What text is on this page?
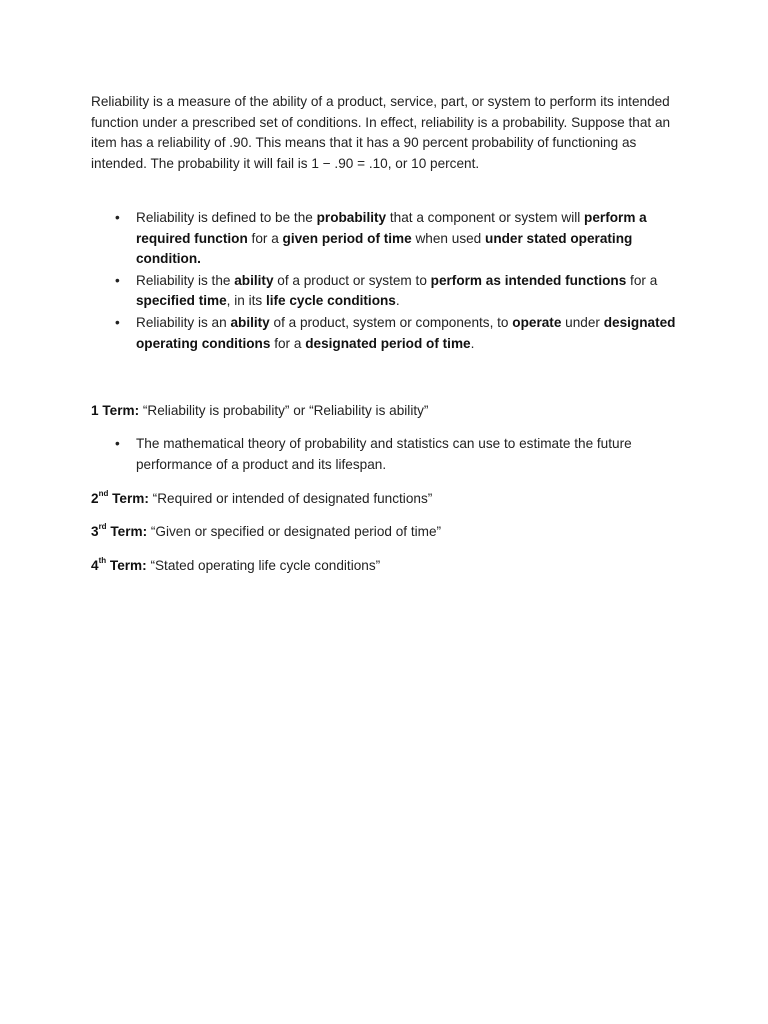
Reliability is a measure of the ability of a product, service, part, or system to perform its intended function under a prescribed set of conditions. In effect, reliability is a probability. Suppose that an item has a reliability of .90. This means that it has a 90 percent probability of functioning as intended. The probability it will fail is 1 − .90 = .10, or 10 percent.

• Reliability is defined to be the probability that a component or system will perform a required function for a given period of time when used under stated operating condition.
• Reliability is the ability of a product or system to perform as intended functions for a specified time, in its life cycle conditions.
• Reliability is an ability of a product, system or components, to operate under designated operating conditions for a designated period of time.

1 Term: “Reliability is probability” or “Reliability is ability”

• The mathematical theory of probability and statistics can use to estimate the future performance of a product and its lifespan.

2nd Term: “Required or intended of designated functions”

3rd Term: “Given or specified or designated period of time”

4th Term: “Stated operating life cycle conditions”
